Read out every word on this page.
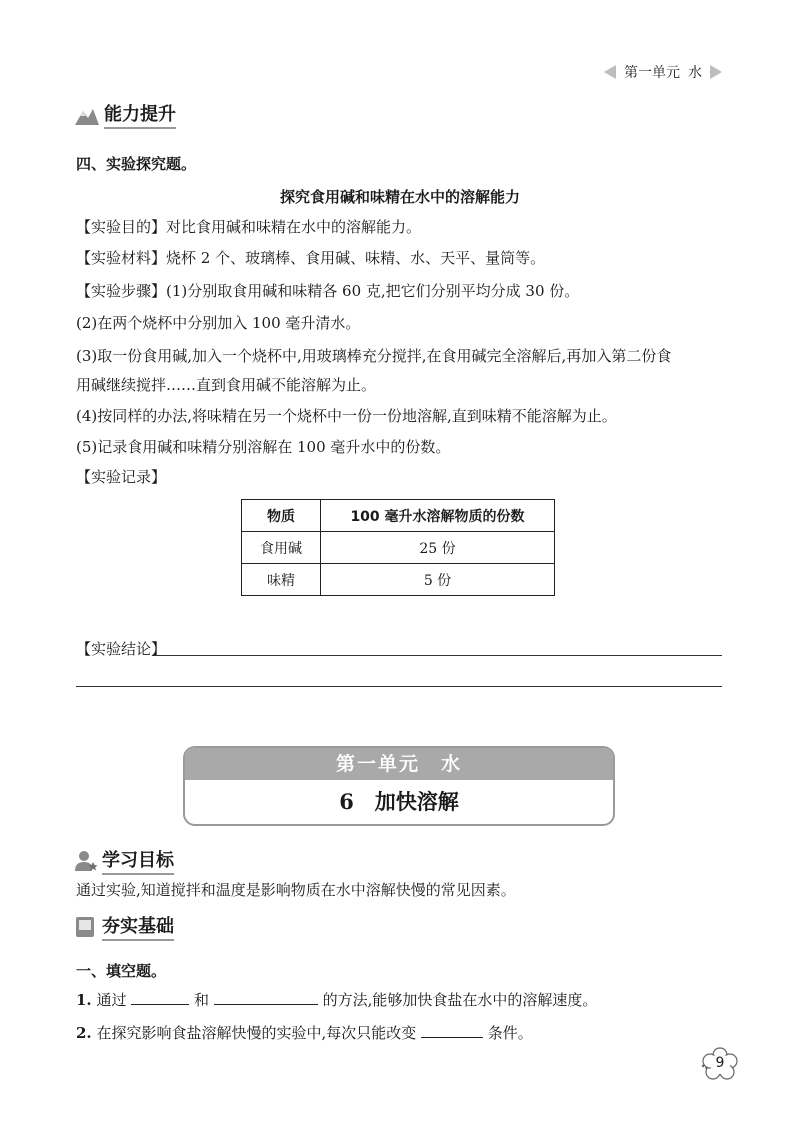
第一单元 水
能力提升
四、实验探究题。
探究食用碱和味精在水中的溶解能力
【实验目的】对比食用碱和味精在水中的溶解能力。
【实验材料】烧杯 2 个、玻璃棒、食用碱、味精、水、天平、量筒等。
【实验步骤】(1)分别取食用碱和味精各 60 克,把它们分别平均分成 30 份。
(2)在两个烧杯中分别加入 100 毫升清水。
(3)取一份食用碱,加入一个烧杯中,用玻璃棒充分搅拌,在食用碱完全溶解后,再加入第二份食
用碱继续搅拌……直到食用碱不能溶解为止。
(4)按同样的办法,将味精在另一个烧杯中一份一份地溶解,直到味精不能溶解为止。
(5)记录食用碱和味精分别溶解在 100 毫升水中的份数。
【实验记录】
物质	100 毫升水溶解物质的份数
食用碱	25 份
味精	5 份
【实验结论】
第一单元　水
6　加快溶解
学习目标
通过实验,知道搅拌和温度是影响物质在水中溶解快慢的常见因素。
夯实基础
一、填空题。
1. 通过	和	的方法,能够加快食盐在水中的溶解速度。
2. 在探究影响食盐溶解快慢的实验中,每次只能改变	条件。
9
